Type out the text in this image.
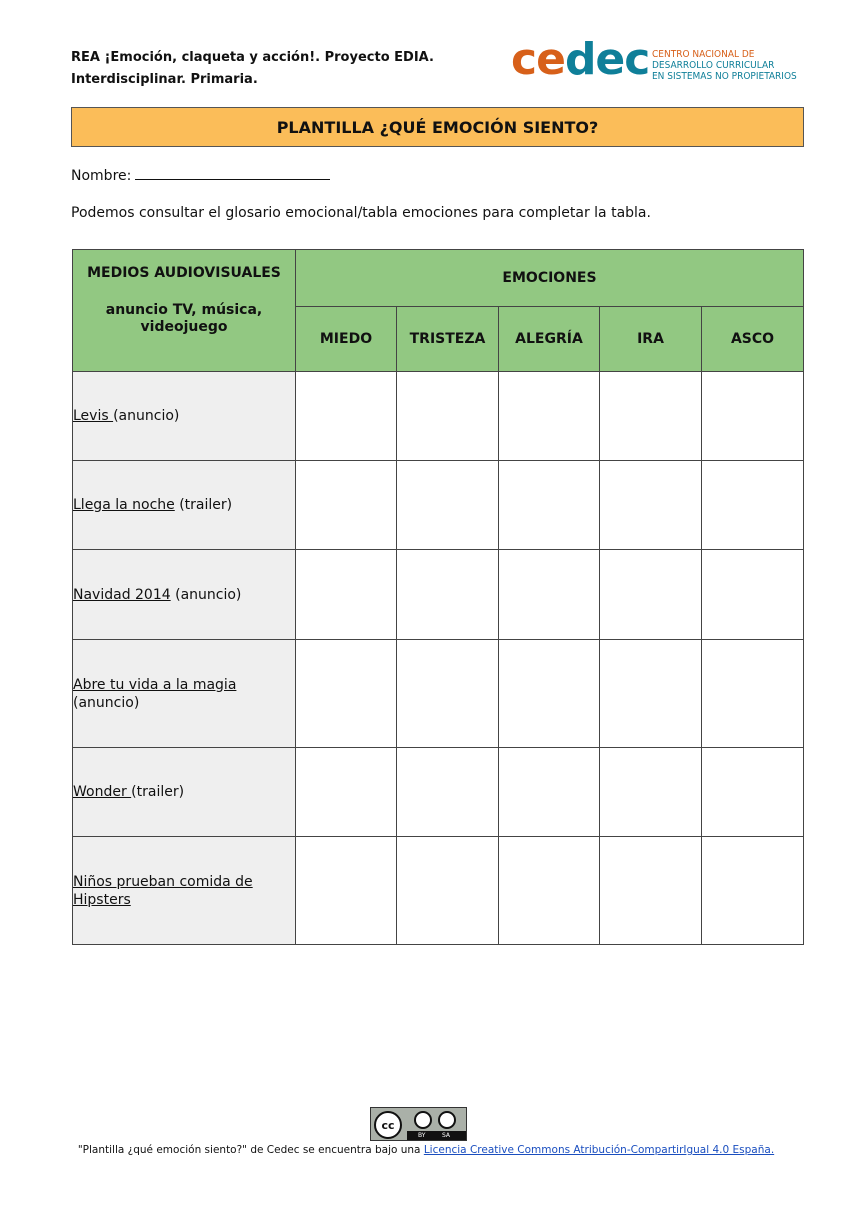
REA ¡Emoción, claqueta y acción!. Proyecto EDIA.
Interdisciplinar. Primaria.	cedec CENTRO NACIONAL DE
DESARROLLO CURRICULAR
EN SISTEMAS NO PROPIETARIOS
PLANTILLA ¿QUÉ EMOCIÓN SIENTO?
Nombre:
Podemos consultar el glosario emocional/tabla emociones para completar la tabla.
MEDIOS AUDIOVISUALES
anuncio TV, música, videojuego	EMOCIONES				
	MIEDO	TRISTEZA	ALEGRÍA	IRA	ASCO
Levis (anuncio)					
Llega la noche (trailer)					
Navidad 2014 (anuncio)					
Abre tu vida a la magia
(anuncio)					
Wonder (trailer)					
Niños prueban comida de Hipsters					
cc
BY	SA
"Plantilla ¿qué emoción siento?" de Cedec se encuentra bajo una Licencia Creative Commons Atribución-CompartirIgual 4.0 España.
